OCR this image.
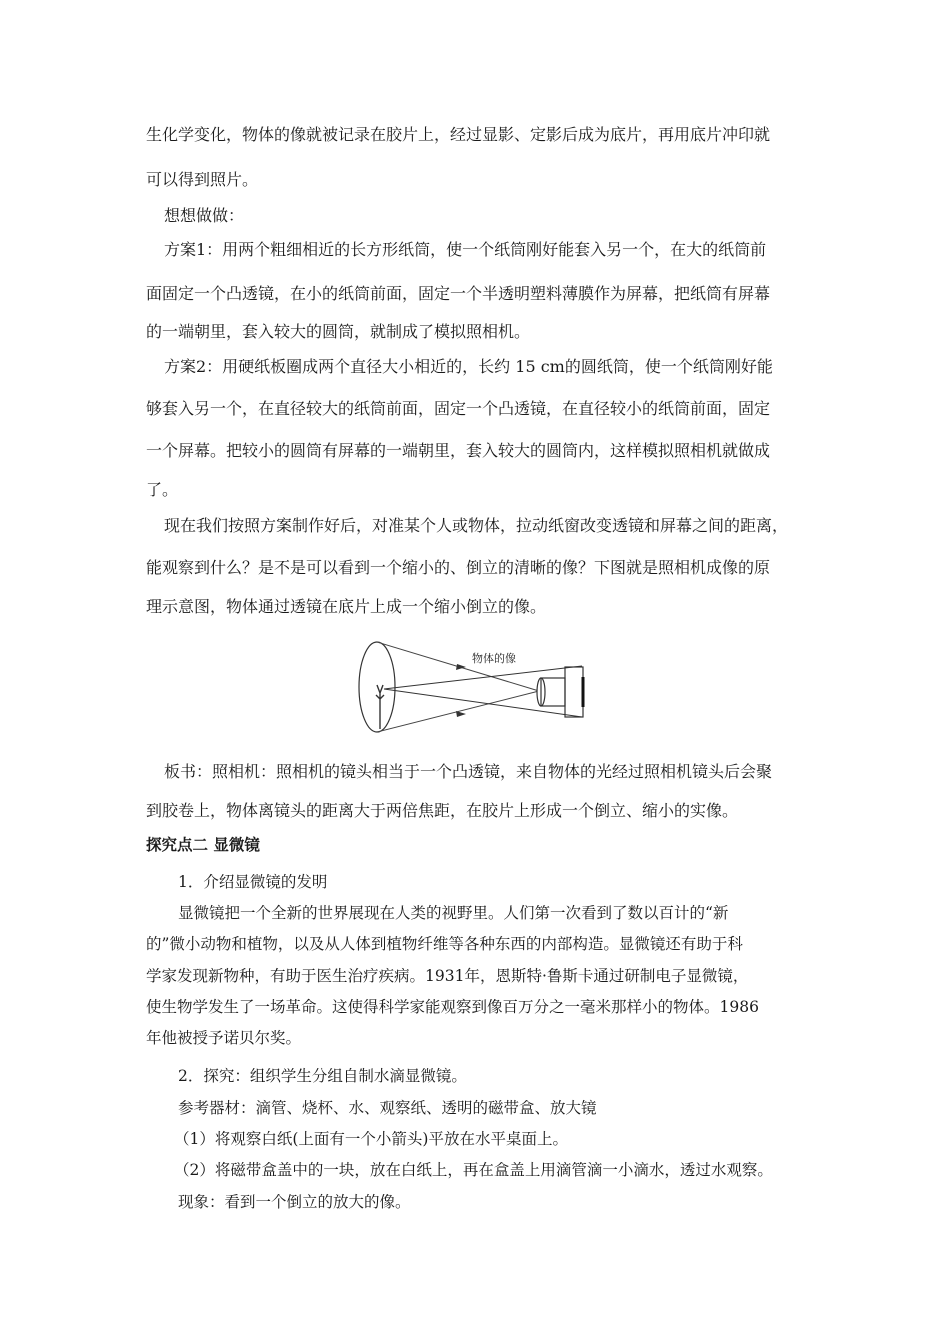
生化学变化，物体的像就被记录在胶片上，经过显影、定影后成为底片，再用底片冲印就
可以得到照片。
想想做做：
方案1：用两个粗细相近的长方形纸筒，使一个纸筒刚好能套入另一个，在大的纸筒前
面固定一个凸透镜，在小的纸筒前面，固定一个半透明塑料薄膜作为屏幕，把纸筒有屏幕
的一端朝里，套入较大的圆筒，就制成了模拟照相机。
方案2：用硬纸板圈成两个直径大小相近的，长约 15 cm的圆纸筒，使一个纸筒刚好能
够套入另一个，在直径较大的纸筒前面，固定一个凸透镜，在直径较小的纸筒前面，固定
一个屏幕。把较小的圆筒有屏幕的一端朝里，套入较大的圆筒内，这样模拟照相机就做成
了。
现在我们按照方案制作好后，对准某个人或物体，拉动纸窗改变透镜和屏幕之间的距离，
能观察到什么？是不是可以看到一个缩小的、倒立的清晰的像？下图就是照相机成像的原
理示意图，物体通过透镜在底片上成一个缩小倒立的像。
物体的像
板书：照相机：照相机的镜头相当于一个凸透镜，来自物体的光经过照相机镜头后会聚
到胶卷上，物体离镜头的距离大于两倍焦距，在胶片上形成一个倒立、缩小的实像。
探究点二 显微镜
1．介绍显微镜的发明
显微镜把一个全新的世界展现在人类的视野里。人们第一次看到了数以百计的“新
的”微小动物和植物，以及从人体到植物纤维等各种东西的内部构造。显微镜还有助于科
学家发现新物种，有助于医生治疗疾病。1931年，恩斯特·鲁斯卡通过研制电子显微镜，
使生物学发生了一场革命。这使得科学家能观察到像百万分之一毫米那样小的物体。1986
年他被授予诺贝尔奖。
2．探究：组织学生分组自制水滴显微镜。
参考器材：滴管、烧杯、水、观察纸、透明的磁带盒、放大镜
（1）将观察白纸(上面有一个小箭头)平放在水平桌面上。
（2）将磁带盒盖中的一块，放在白纸上，再在盒盖上用滴管滴一小滴水，透过水观察。
现象：看到一个倒立的放大的像。
